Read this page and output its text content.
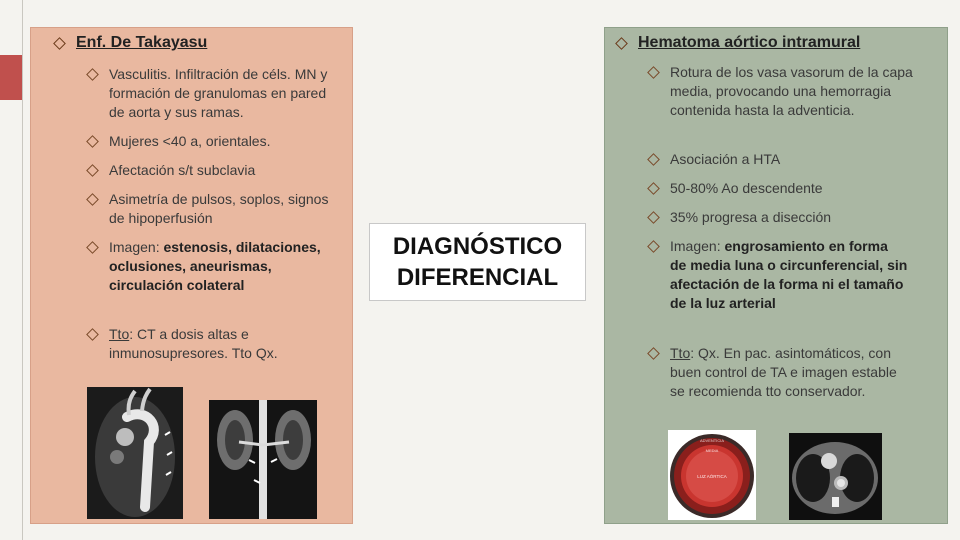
Enf. De Takayasu
Vasculitis. Infiltración de céls. MN y formación de granulomas en pared de aorta y sus ramas.
Mujeres <40 a, orientales.
Afectación s/t subclavia
Asimetría de pulsos, soplos, signos de hipoperfusión
Imagen: estenosis, dilataciones, oclusiones, aneurismas, circulación colateral
Tto: CT a dosis altas e inmunosupresores. Tto Qx.
DIAGNÓSTICO
DIFERENCIAL
Hematoma aórtico intramural
Rotura de los vasa vasorum de la capa media, provocando una hemorragia contenida hasta la adventicia.
Asociación a HTA
50-80% Ao descendente
35% progresa a disección
Imagen: engrosamiento en forma de media luna o circunferencial, sin afectación de la forma ni el tamaño de la luz arterial
Tto: Qx. En pac. asintomáticos, con buen control de TA e imagen estable se recomienda tto conservador.
ADVENTICIA
MEDIA
LUZ AÓRTICA
